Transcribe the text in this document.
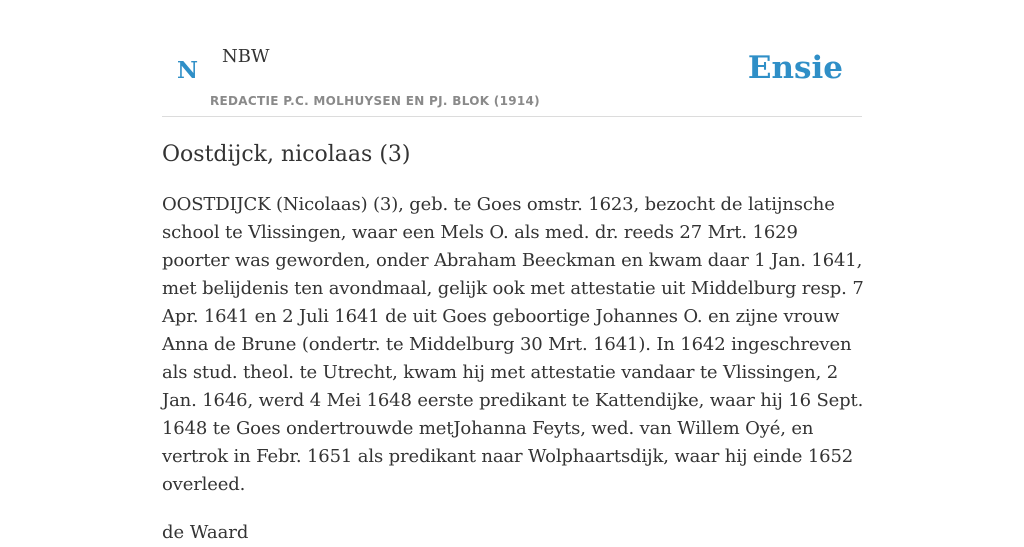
N
NBW
REDACTIE P.C. MOLHUYSEN EN PJ. BLOK (1914)
Ensie
Oostdijck, nicolaas (3)

OOSTDIJCK (Nicolaas) (3), geb. te Goes omstr. 1623, bezocht de latijnsche school te Vlissingen, waar een Mels O. als med. dr. reeds 27 Mrt. 1629 poorter was geworden, onder Abraham Beeckman en kwam daar 1 Jan. 1641, met belijdenis ten avondmaal, gelijk ook met attestatie uit Middelburg resp. 7 Apr. 1641 en 2 Juli 1641 de uit Goes geboortige Johannes O. en zijne vrouw Anna de Brune (ondertr. te Middelburg 30 Mrt. 1641). In 1642 ingeschreven als stud. theol. te Utrecht, kwam hij met attestatie vandaar te Vlissingen, 2 Jan. 1646, werd 4 Mei 1648 eerste predikant te Kattendijke, waar hij 16 Sept. 1648 te Goes ondertrouwde metJohanna Feyts, wed. van Willem Oyé, en vertrok in Febr. 1651 als predikant naar Wolphaartsdijk, waar hij einde 1652 overleed.

de Waard
